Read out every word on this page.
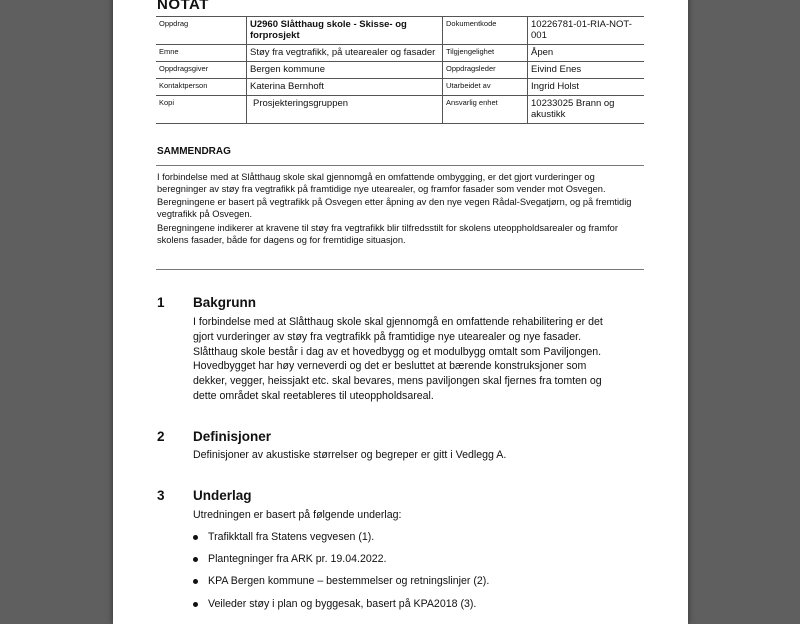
NOTAT
Oppdrag	U2960 Slåtthaug skole - Skisse- og forprosjekt	Dokumentkode	10226781-01-RIA-NOT-001
Emne	Støy fra vegtrafikk, på utearealer og fasader	Tilgjengelighet	Åpen
Oppdragsgiver	Bergen kommune	Oppdragsleder	Eivind Enes
Kontaktperson	Katerina Bernhoft	Utarbeidet av	Ingrid Holst
Kopi	Prosjekteringsgruppen	Ansvarlig enhet	10233025 Brann og akustikk
SAMMENDRAG

I forbindelse med at Slåtthaug skole skal gjennomgå en omfattende ombygging, er det gjort vurderinger og beregninger av støy fra vegtrafikk på framtidige nye utearealer, og framfor fasader som vender mot Osvegen. Beregningene er basert på vegtrafikk på Osvegen etter åpning av den nye vegen Rådal-Svegatjørn, og på fremtidig vegtrafikk på Osvegen.

Beregningene indikerer at kravene til støy fra vegtrafikk blir tilfredsstilt for skolens uteoppholdsarealer og framfor skolens fasader, både for dagens og for fremtidige situasjon.

1 Bakgrunn
I forbindelse med at Slåtthaug skole skal gjennomgå en omfattende rehabilitering er det gjort vurderinger av støy fra vegtrafikk på framtidige nye utearealer og nye fasader. Slåtthaug skole består i dag av et hovedbygg og et modulbygg omtalt som Paviljongen. Hovedbygget har høy verneverdi og det er besluttet at bærende konstruksjoner som dekker, vegger, heissjakt etc. skal bevares, mens paviljongen skal fjernes fra tomten og dette området skal reetableres til uteoppholdsareal.
2 Definisjoner
Definisjoner av akustiske størrelser og begreper er gitt i Vedlegg A.
3 Underlag
Utredningen er basert på følgende underlag:
Trafikktall fra Statens vegvesen (1).
Plantegninger fra ARK pr. 19.04.2022.
KPA Bergen kommune – bestemmelser og retningslinjer (2).
Veileder støy i plan og byggesak, basert på KPA2018 (3).
